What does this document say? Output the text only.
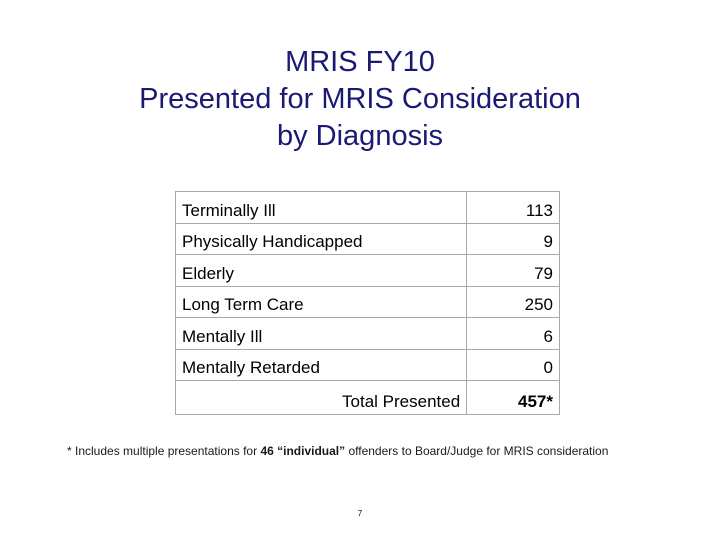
MRIS FY10
Presented for MRIS Consideration
by Diagnosis
Terminally Ill	113
Physically Handicapped	9
Elderly	79
Long Term Care	250
Mentally Ill	6
Mentally Retarded	0
Total Presented	457*
* Includes multiple presentations for 46 “individual” offenders to Board/Judge for MRIS consideration
7
